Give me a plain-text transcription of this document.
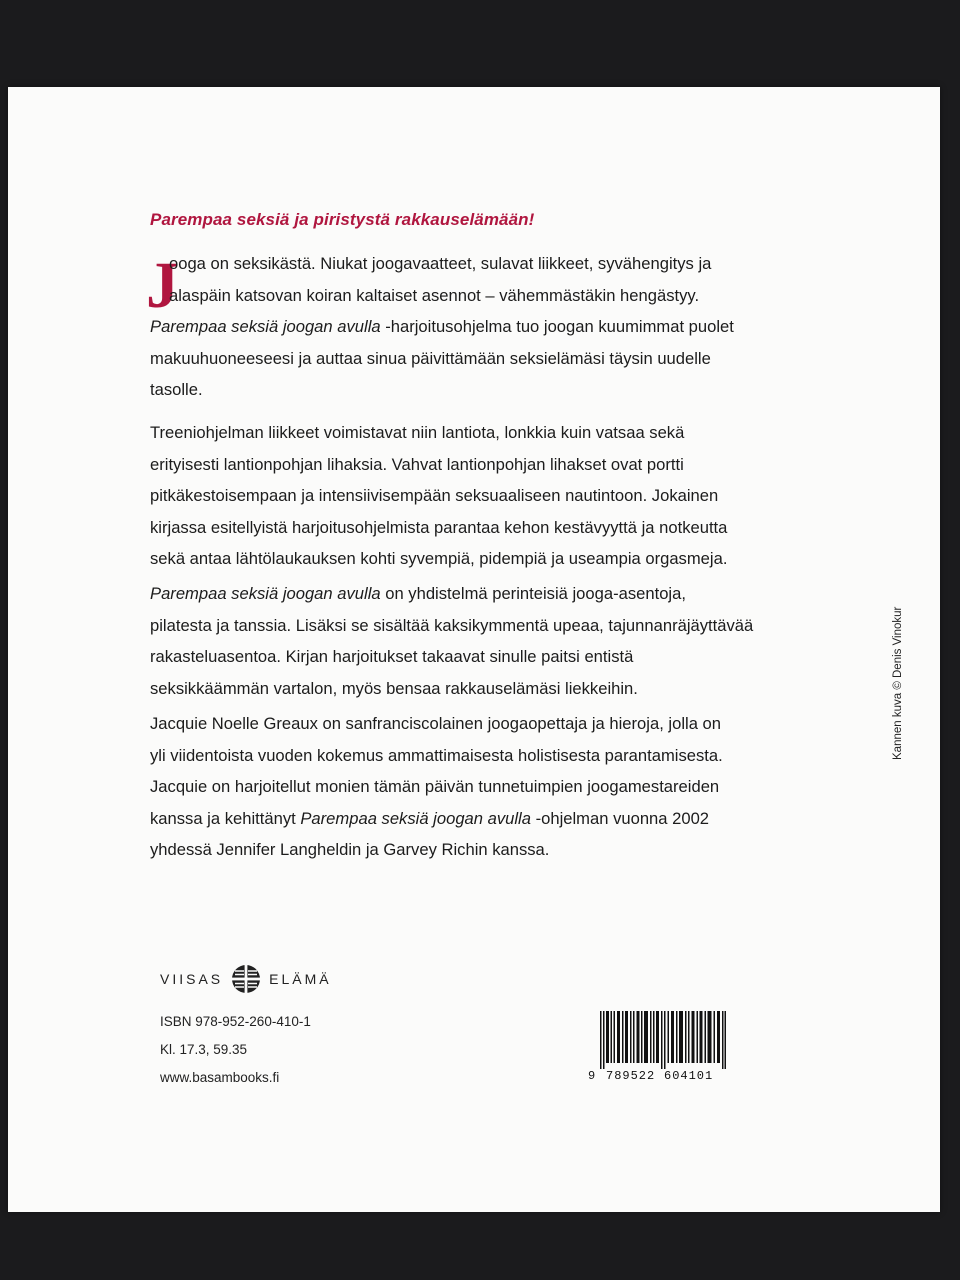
Parempaa seksiä ja piristystä rakkauselämään!
J
ooga on seksikästä. Niukat joogavaatteet, sulavat liikkeet, syvähengitys ja
alaspäin katsovan koiran kaltaiset asennot – vähemmästäkin hengästyy.
Parempaa seksiä joogan avulla -harjoitusohjelma tuo joogan kuumimmat puolet
makuuhuoneeseesi ja auttaa sinua päivittämään seksielämäsi täysin uudelle
tasolle.
Treeniohjelman liikkeet voimistavat niin lantiota, lonkkia kuin vatsaa sekä
erityisesti lantionpohjan lihaksia. Vahvat lantionpohjan lihakset ovat portti
pitkäkestoisempaan ja intensiivisempään seksuaaliseen nautintoon. Jokainen
kirjassa esitellyistä harjoitusohjelmista parantaa kehon kestävyyttä ja notkeutta
sekä antaa lähtölaukauksen kohti syvempiä, pidempiä ja useampia orgasmeja.
Parempaa seksiä joogan avulla on yhdistelmä perinteisiä jooga-asentoja,
pilatesta ja tanssia. Lisäksi se sisältää kaksikymmentä upeaa, tajunnanräjäyttävää
rakasteluasentoa. Kirjan harjoitukset takaavat sinulle paitsi entistä
seksikkäämmän vartalon, myös bensaa rakkauselämäsi liekkeihin.
Jacquie Noelle Greaux on sanfranciscolainen joogaopettaja ja hieroja, jolla on
yli viidentoista vuoden kokemus ammattimaisesta holistisesta parantamisesta.
Jacquie on harjoitellut monien tämän päivän tunnetuimpien joogamestareiden
kanssa ja kehittänyt Parempaa seksiä joogan avulla -ohjelman vuonna 2002
yhdessä Jennifer Langheldin ja Garvey Richin kanssa.
Kannen kuva © Denis Vinokur
VIISAS	ELÄMÄ
ISBN 978-952-260-410-1
Kl. 17.3, 59.35
www.basambooks.fi	9 789522 604101
